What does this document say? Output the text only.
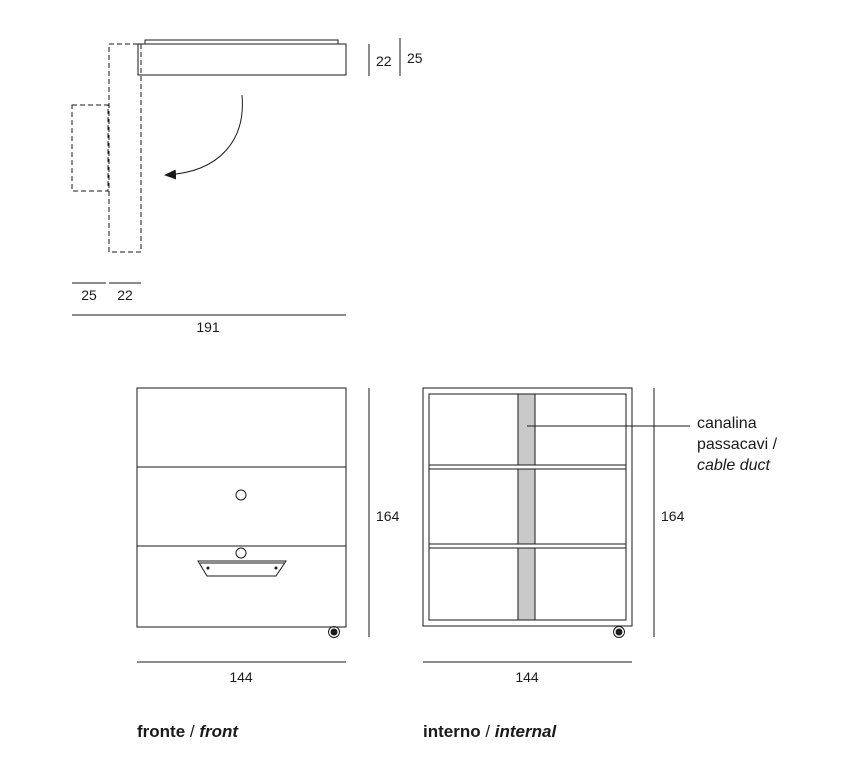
22 25
25 22
191
164
144
canalina
passacavi /
cable duct
164
144
fronte / front	interno / internal
